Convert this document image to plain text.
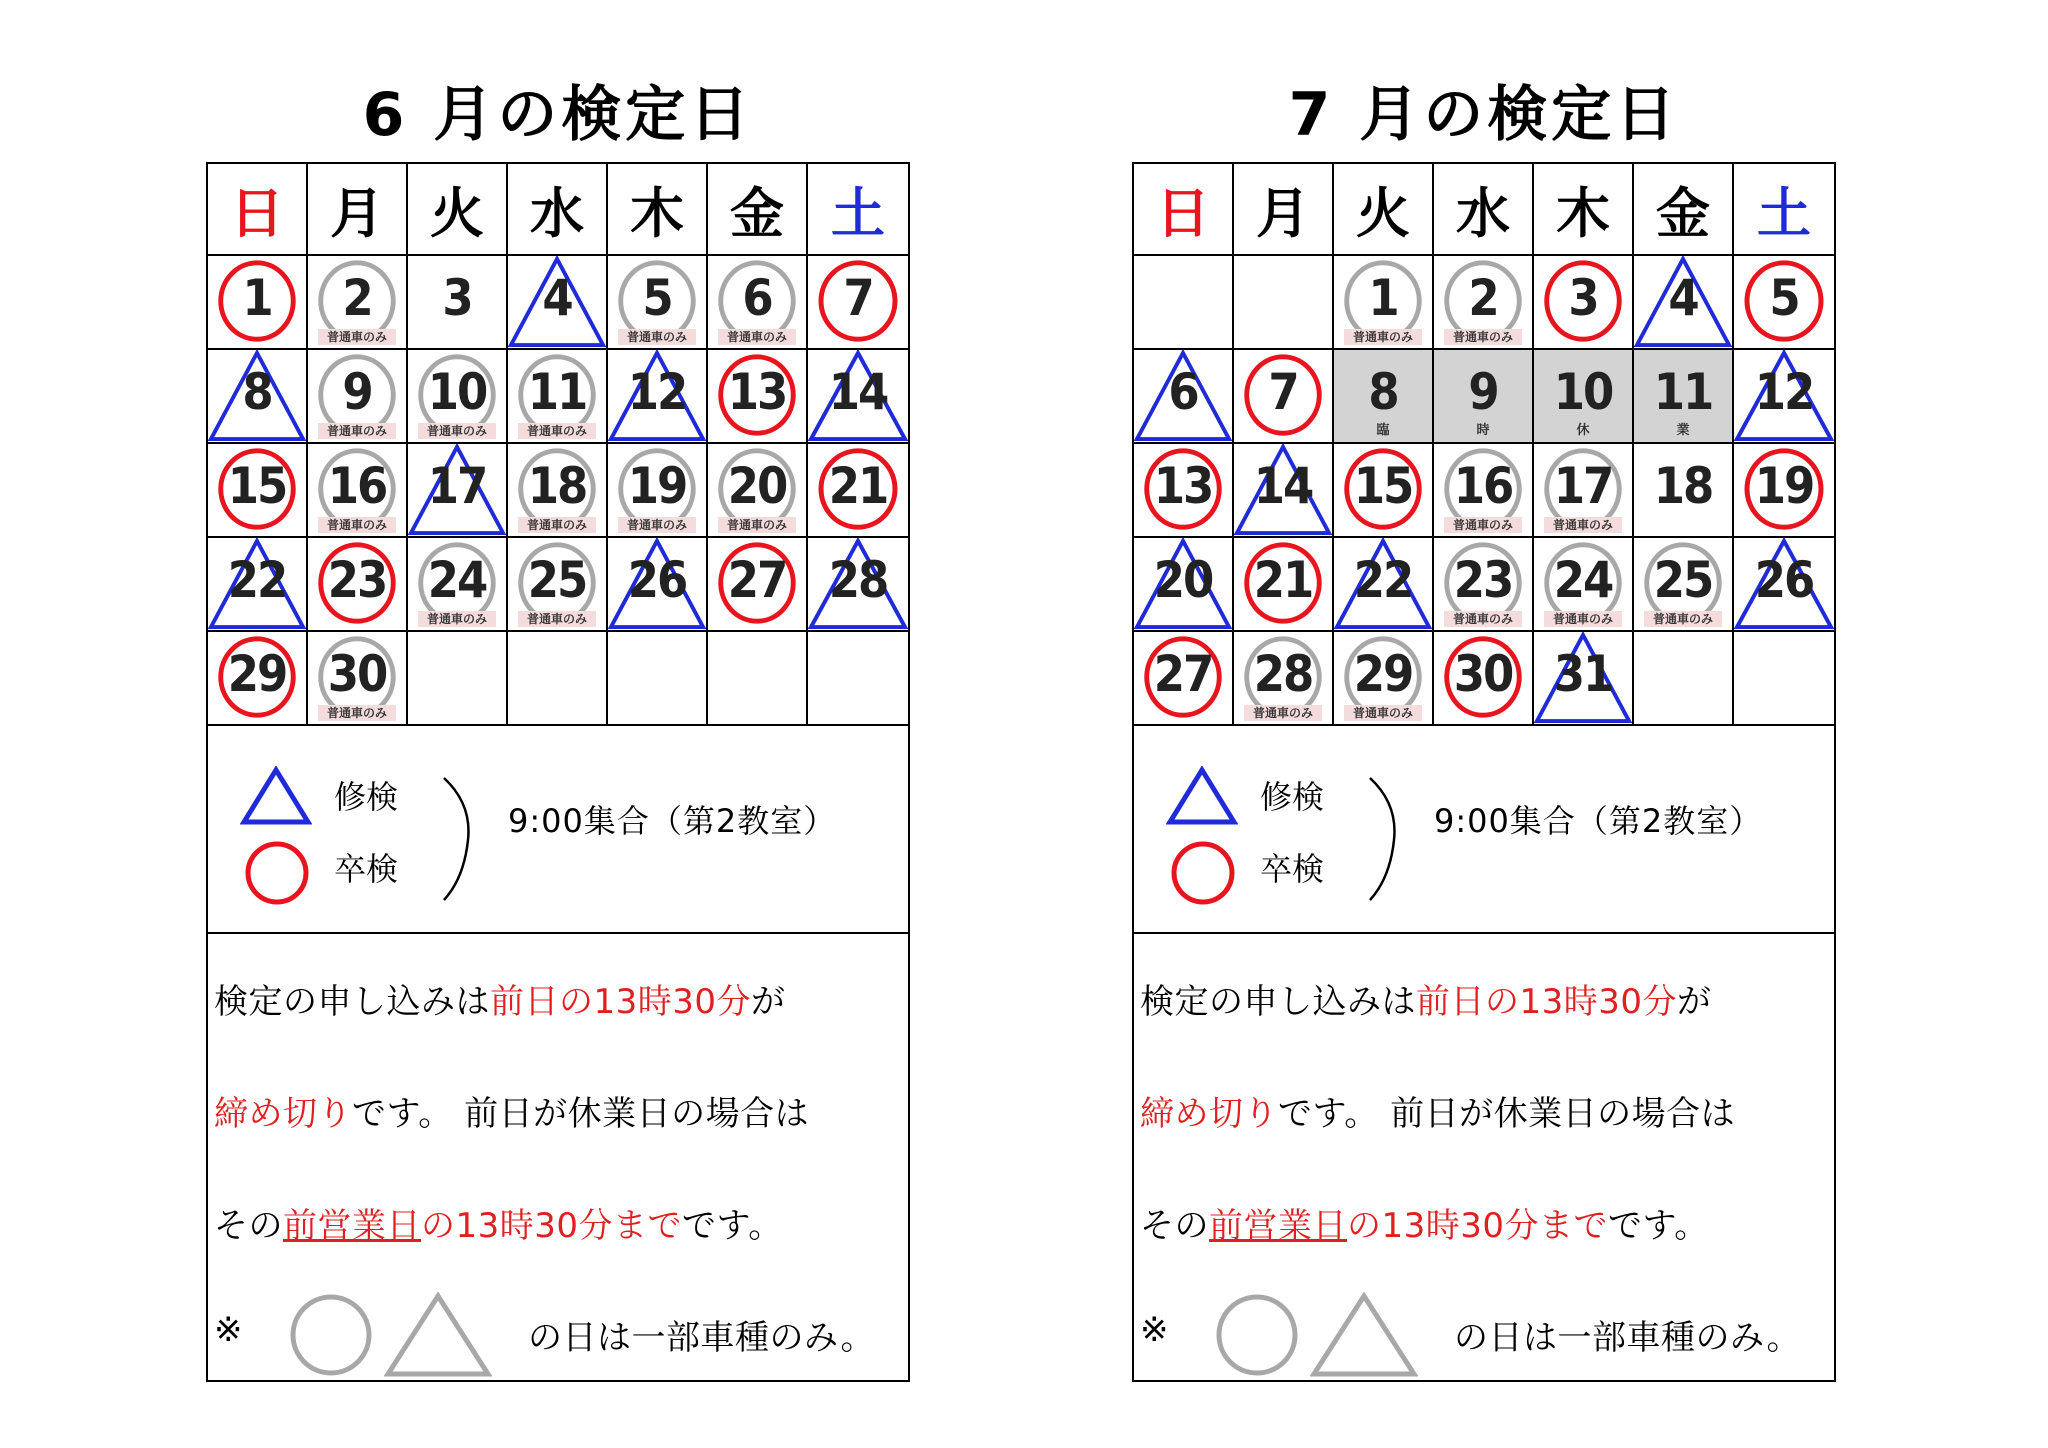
6 月の検定日
日 月 火 水 木 金 土
1 2
普通車のみ
3 4 5
普通車のみ
6
普通車のみ
7
8 9
普通車のみ
10
普通車のみ
11
普通車のみ
12 13 14
15 16
普通車のみ
17 18
普通車のみ
19
普通車のみ
20
普通車のみ
21
22 23 24
普通車のみ
25
普通車のみ
26 27 28
29 30
普通車のみ
修検
卒検
9:00集合（第2教室）
検定の申し込みは前日の13時30分が
締め切りです。 前日が休業日の場合は
その前営業日の13時30分までです。
※	の日は一部車種のみ。
7 月の検定日
日 月 火 水 木 金 土
1
普通車のみ
2
普通車のみ
3 4 5
6 7 8
臨
9
時
10
休
11
業
12
13 14 15 16
普通車のみ
17
普通車のみ
18 19
20 21 22 23
普通車のみ
24
普通車のみ
25
普通車のみ
26
27 28
普通車のみ
29
普通車のみ
30 31
修検
卒検
9:00集合（第2教室）
検定の申し込みは前日の13時30分が
締め切りです。 前日が休業日の場合は
その前営業日の13時30分までです。
※	の日は一部車種のみ。
